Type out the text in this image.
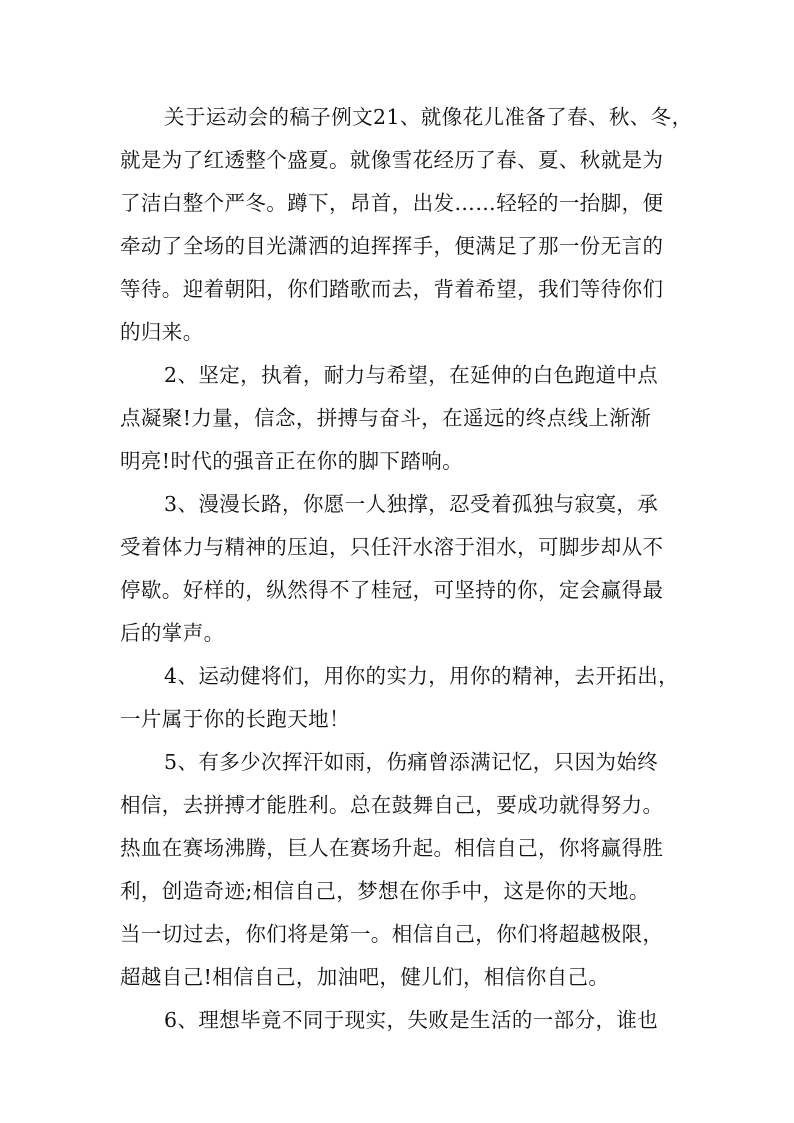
关于运动会的稿子例文21、就像花儿准备了春、秋、冬，
就是为了红透整个盛夏。就像雪花经历了春、夏、秋就是为
了洁白整个严冬。蹲下，昂首，出发……轻轻的一抬脚，便
牵动了全场的目光潇洒的迫挥挥手，便满足了那一份无言的
等待。迎着朝阳，你们踏歌而去，背着希望，我们等待你们
的归来。
2、坚定，执着，耐力与希望，在延伸的白色跑道中点
点凝聚!力量，信念，拼搏与奋斗，在遥远的终点线上渐渐
明亮!时代的强音正在你的脚下踏响。
3、漫漫长路，你愿一人独撑，忍受着孤独与寂寞，承
受着体力与精神的压迫，只任汗水溶于泪水，可脚步却从不
停歇。好样的，纵然得不了桂冠，可坚持的你，定会赢得最
后的掌声。
4、运动健将们，用你的实力，用你的精神，去开拓出，
一片属于你的长跑天地！
5、有多少次挥汗如雨，伤痛曾添满记忆，只因为始终
相信，去拼搏才能胜利。总在鼓舞自己，要成功就得努力。
热血在赛场沸腾，巨人在赛场升起。相信自己，你将赢得胜
利，创造奇迹;相信自己，梦想在你手中，这是你的天地。
当一切过去，你们将是第一。相信自己，你们将超越极限，
超越自己!相信自己，加油吧，健儿们，相信你自己。
6、理想毕竟不同于现实，失败是生活的一部分，谁也
